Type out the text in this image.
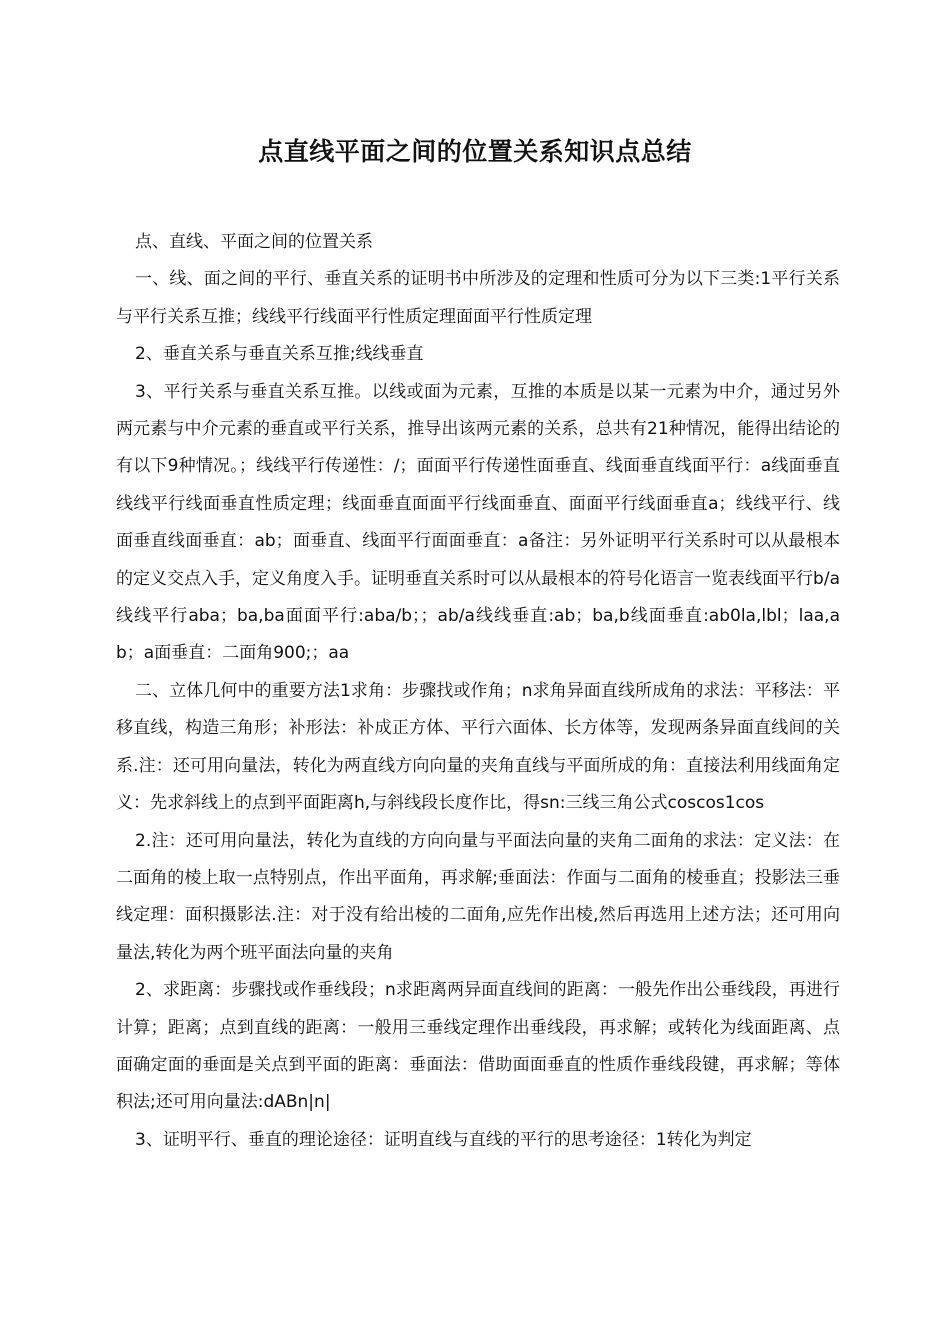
点直线平面之间的位置关系知识点总结

点、直线、平面之间的位置关系

一、线、面之间的平行、垂直关系的证明书中所涉及的定理和性质可分为以下三类:1平行关系与平行关系互推；线线平行线面平行性质定理面面平行性质定理

2、垂直关系与垂直关系互推;线线垂直

3、平行关系与垂直关系互推。以线或面为元素，互推的本质是以某一元素为中介，通过另外两元素与中介元素的垂直或平行关系，推导出该两元素的关系，总共有21种情况，能得出结论的有以下9种情况。；线线平行传递性：/；面面平行传递性面垂直、线面垂直线面平行：a线面垂直线线平行线面垂直性质定理；线面垂直面面平行线面垂直、面面平行线面垂直a；线线平行、线面垂直线面垂直：ab；面垂直、线面平行面面垂直：a备注：另外证明平行关系时可以从最根本的定义交点入手，定义角度入手。证明垂直关系时可以从最根本的符号化语言一览表线面平行b/a线线平行aba；ba,ba面面平行:aba/b；；ab/a线线垂直:ab；ba,b线面垂直:ab0la,lbl；laa,ab；a面垂直：二面角900;；aa

二、立体几何中的重要方法1求角：步骤找或作角；n求角异面直线所成角的求法：平移法：平移直线，构造三角形；补形法：补成正方体、平行六面体、长方体等，发现两条异面直线间的关系.注：还可用向量法，转化为两直线方向向量的夹角直线与平面所成的角：直接法利用线面角定义：先求斜线上的点到平面距离h,与斜线段长度作比，得sn:三线三角公式coscos1cos

2.注：还可用向量法，转化为直线的方向向量与平面法向量的夹角二面角的求法：定义法：在二面角的棱上取一点特别点，作出平面角，再求解;垂面法：作面与二面角的棱垂直；投影法三垂线定理：面积摄影法.注：对于没有给出棱的二面角,应先作出棱,然后再选用上述方法；还可用向量法,转化为两个班平面法向量的夹角

2、求距离：步骤找或作垂线段；n求距离两异面直线间的距离：一般先作出公垂线段，再进行计算；距离；点到直线的距离：一般用三垂线定理作出垂线段，再求解；或转化为线面距离、点面确定面的垂面是关点到平面的距离：垂面法：借助面面垂直的性质作垂线段键，再求解；等体积法;还可用向量法:dABn|n|

3、证明平行、垂直的理论途径：证明直线与直线的平行的思考途径：1转化为判定
